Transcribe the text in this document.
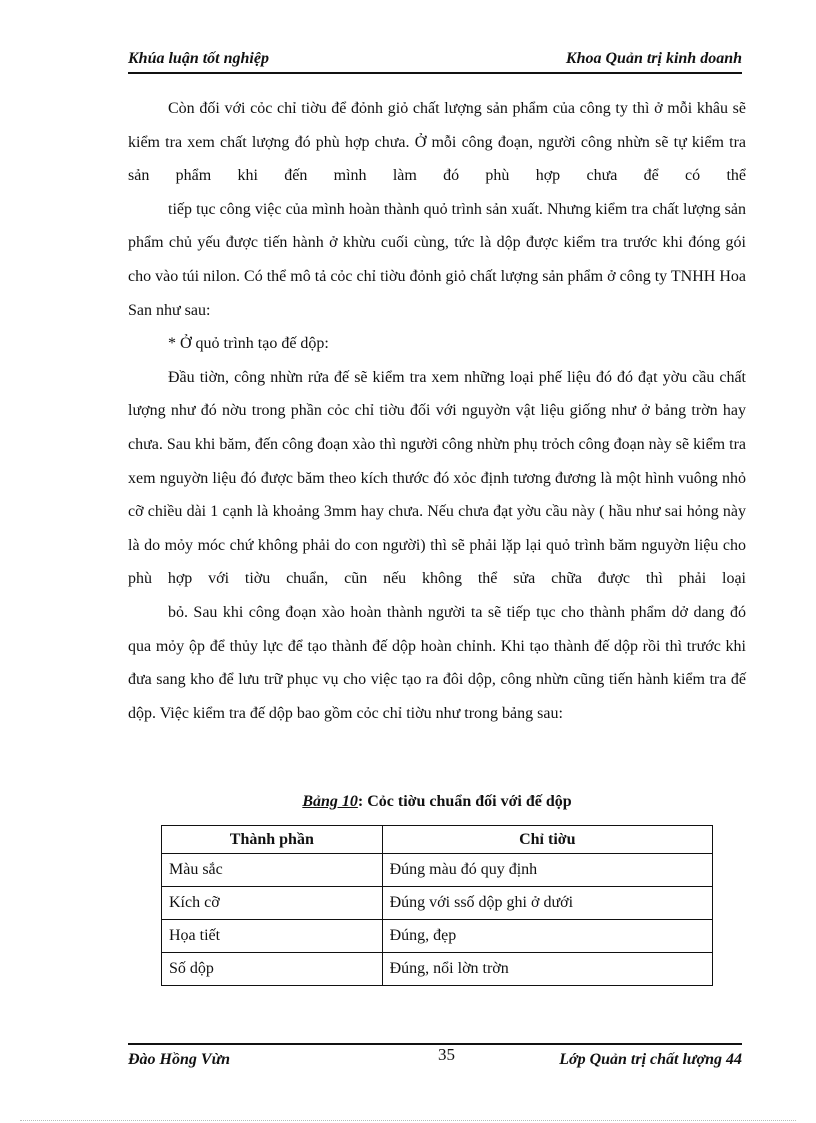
Khúa luận tốt nghiệp	Khoa Quản trị kinh doanh

Còn đối với cỏc chỉ tiờu để đỏnh giỏ chất lượng sản phẩm của công ty thì ở mỗi khâu sẽ kiểm tra xem chất lượng đó phù hợp chưa. Ở mỗi công đoạn, người công nhừn sẽ tự kiểm tra sản phẩm khi đến mình làm đó phù hợp chưa để có thể

tiếp tục công việc của mình hoàn thành quỏ trình sản xuất. Nhưng kiểm tra chất lượng sản phẩm chủ yếu được tiến hành ở khừu cuối cùng, tức là dộp được kiểm tra trước khi đóng gói cho vào túi nilon. Có thể mô tả cỏc chỉ tiờu đỏnh giỏ chất lượng sản phẩm ở công ty TNHH Hoa San như sau:

* Ở quỏ trình tạo đế dộp:

Đầu tiờn, công nhừn rửa đế sẽ kiểm tra xem những loại phế liệu đó đó đạt yờu cầu chất lượng như đó nờu trong phần cỏc chỉ tiờu đối với nguyờn vật liệu giống như ở bảng trờn hay chưa. Sau khi băm, đến công đoạn xào thì người công nhừn phụ trỏch công đoạn này sẽ kiểm tra xem nguyờn liệu đó được băm theo kích thước đó xỏc định tương đương là một hình vuông nhỏ cỡ chiều dài 1 cạnh là khoảng 3mm hay chưa. Nếu chưa đạt yờu cầu này ( hầu như sai hỏng này là do mỏy móc chứ không phải do con người) thì sẽ phải lặp lại quỏ trình băm nguyờn liệu cho phù hợp với tiờu chuẩn, cũn nếu không thể sửa chữa được thì phải loại

bỏ. Sau khi công đoạn xào hoàn thành người ta sẽ tiếp tục cho thành phẩm dở dang đó qua mỏy ộp để thủy lực để tạo thành đế dộp hoàn chỉnh. Khi tạo thành đế dộp rồi thì trước khi đưa sang kho để lưu trữ phục vụ cho việc tạo ra đôi dộp, công nhừn cũng tiến hành kiểm tra đế dộp. Việc kiểm tra đế dộp bao gồm cỏc chỉ tiờu như trong bảng sau:

Bảng 10: Cỏc tiờu chuẩn đối với đế dộp
Thành phần	Chỉ tiờu
Màu sắc	Đúng màu đó quy định
Kích cỡ	Đúng với ssố dộp ghi ở dưới
Họa tiết	Đúng, đẹp
Số dộp	Đúng, nổi lờn trờn
Đào Hồng Vừn	35	Lớp Quản trị chất lượng 44
